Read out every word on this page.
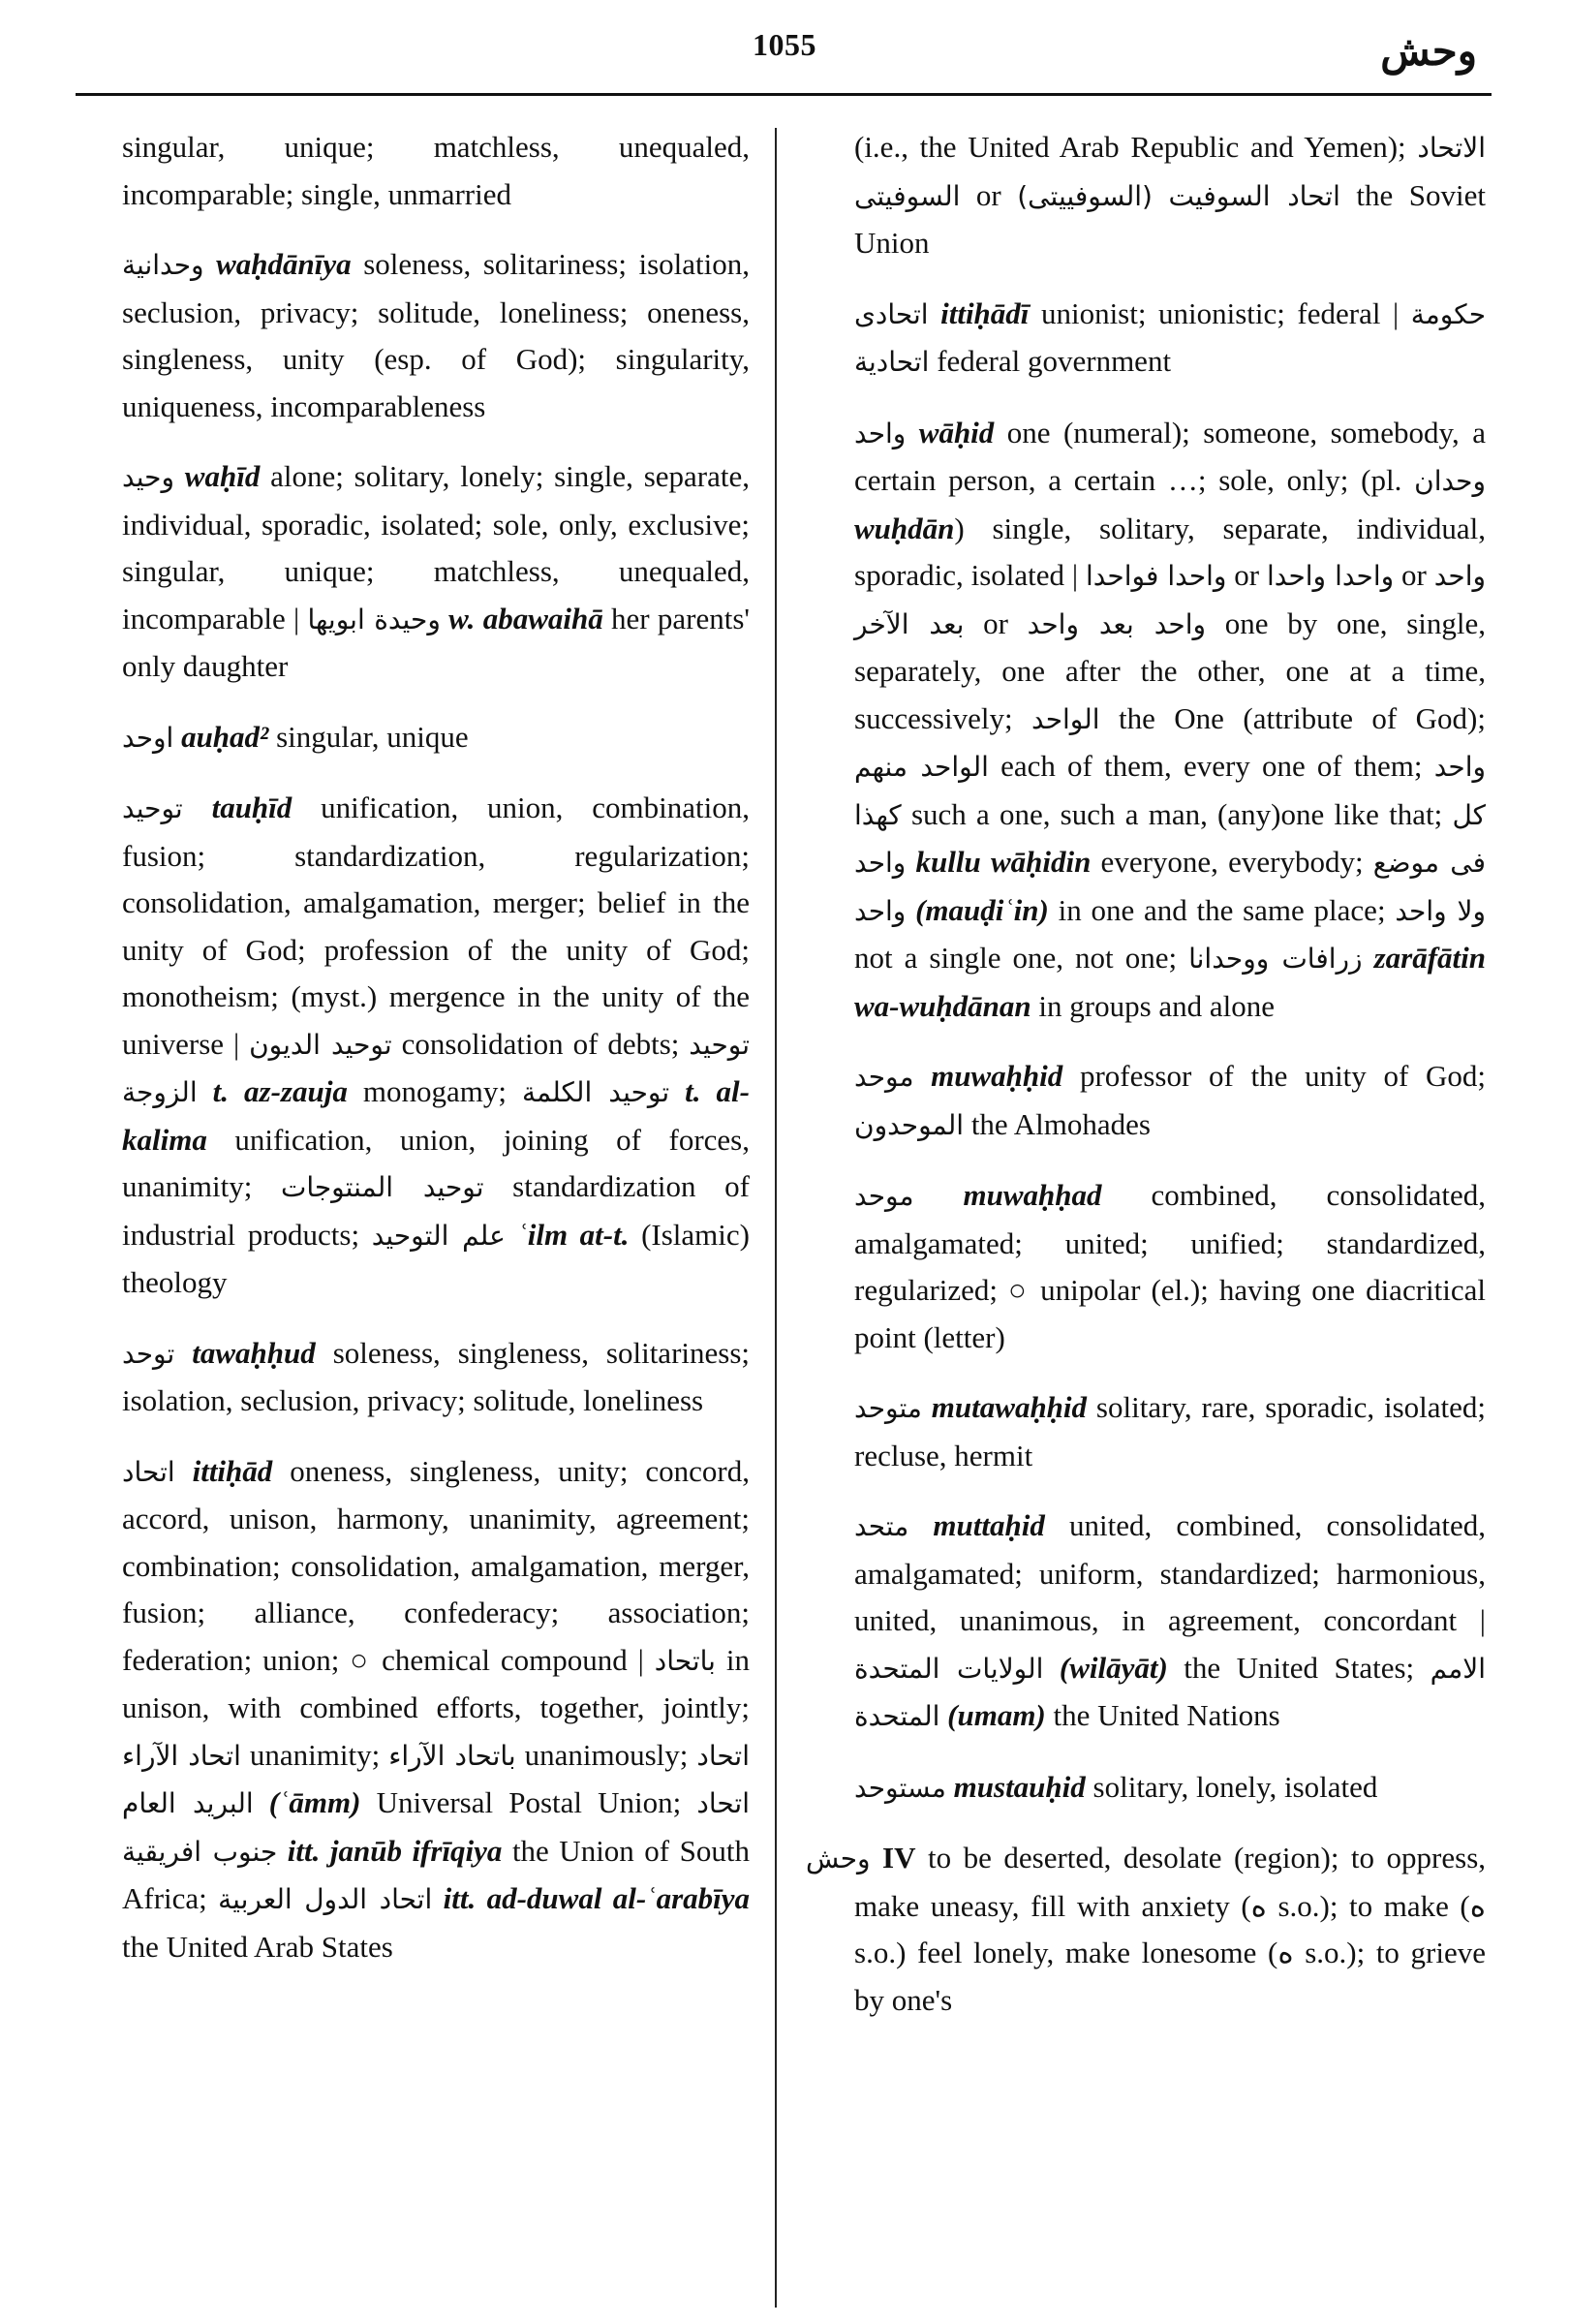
1055	وحش

singular, unique; matchless, unequaled, incomparable; single, unmarried

وحدانية waḥdānīya soleness, solitariness; isolation, seclusion, privacy; solitude, loneliness; oneness, singleness, unity (esp. of God); singularity, uniqueness, incomparableness

وحيد waḥīd alone; solitary, lonely; single, separate, individual, sporadic, isolated; sole, only, exclusive; singular, unique; matchless, unequaled, incomparable | وحيدة ابويها w. abawaihā her parents' only daughter

اوحد auḥad² singular, unique

توحيد tauḥīd unification, union, combination, fusion; standardization, regularization; consolidation, amalgamation, merger; belief in the unity of God; profession of the unity of God; monotheism; (myst.) mergence in the unity of the universe | توحيد الديون consolidation of debts; توحيد الزوجة t. az-zauja monogamy; توحيد الكلمة t. al-kalima unification, union, joining of forces, unanimity; توحيد المنتوجات standardization of industrial products; علم التوحيد ʿilm at-t. (Islamic) theology

توحد tawaḥḥud soleness, singleness, solitariness; isolation, seclusion, privacy; solitude, loneliness

اتحاد ittiḥād oneness, singleness, unity; concord, accord, unison, harmony, unanimity, agreement; combination; consolidation, amalgamation, merger, fusion; alliance, confederacy; association; federation; union; ○ chemical compound | باتحاد in unison, with combined efforts, together, jointly; اتحاد الآراء unanimity; باتحاد الآراء unanimously; اتحاد البريد العام (ʿāmm) Universal Postal Union; اتحاد جنوب افريقية itt. janūb ifrīqiya the Union of South Africa; اتحاد الدول العربية itt. ad-duwal al-ʿarabīya the United Arab States

(i.e., the United Arab Republic and Yemen); الاتحاد السوفيتى or	اتحاد السوفيت (السوفييتى)	the Soviet Union

اتحادى ittiḥādī unionist; unionistic; federal | حكومة اتحادية federal government

واحد wāḥid one (numeral); someone, somebody, a certain person, a certain …; sole, only; (pl. وحدان wuḥdān) single, solitary, separate, individual, sporadic, isolated | واحدا فواحدا or واحدا واحدا or واحد بعد الآخر or واحد بعد واحد one by one, single, separately, one after the other, one at a time, successively; الواحد the One (attribute of God); الواحد منهم each of them, every one of them; واحد كهذا such a one, such a man, (any)one like that; كل واحد kullu wāḥidin everyone, everybody; فى موضع واحد (mauḍiʿin) in one and the same place; ولا واحد not a single one, not one; زرافات ووحدانا zarāfātin wa-wuḥdānan in groups and alone

موحد muwaḥḥid professor of the unity of God; الموحدون the Almohades

موحد muwaḥḥad combined, consolidated, amalgamated; united; unified; standardized, regularized; ○ unipolar (el.); having one diacritical point (letter)

متوحد mutawaḥḥid solitary, rare, sporadic, isolated; recluse, hermit

متحد muttaḥid united, combined, consolidated, amalgamated; uniform, standardized; harmonious, united, unanimous, in agreement, concordant | الولايات المتحدة (wilāyāt) the United States; الامم المتحدة (umam) the United Nations

مستوحد mustauḥid solitary, lonely, isolated

وحش IV to be deserted, desolate (region); to oppress, make uneasy, fill with anxiety (ه s.o.); to make (ه s.o.) feel lonely, make lonesome (ه s.o.); to grieve by one's
